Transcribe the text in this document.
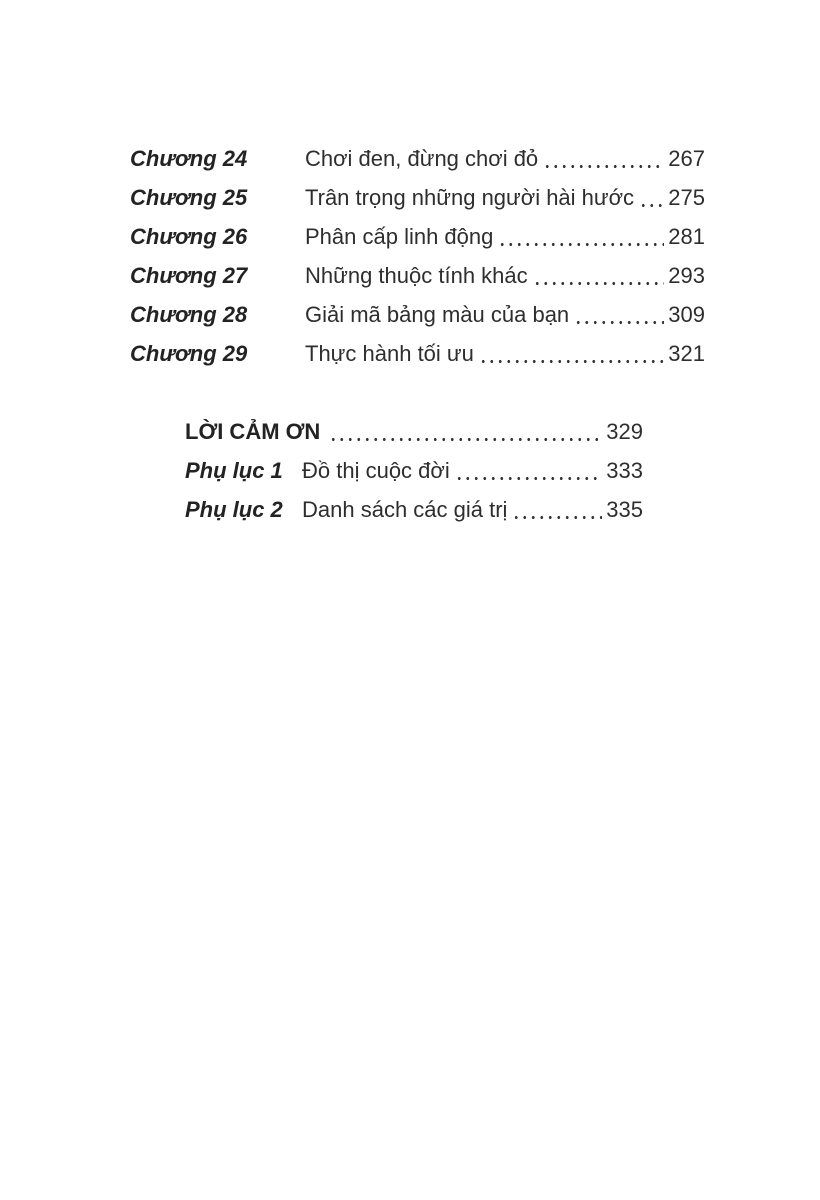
Chương 24	Chơi đen, đừng chơi đỏ	267
Chương 25	Trân trọng những người hài hước 275
Chương 26	Phân cấp linh động	281
Chương 27	Những thuộc tính khác	293
Chương 28	Giải mã bảng màu của bạn	309
Chương 29	Thực hành tối ưu	321
LỜI CẢM ƠN	329
Phụ lục 1 Đồ thị cuộc đời	333
Phụ lục 2 Danh sách các giá trị	335
